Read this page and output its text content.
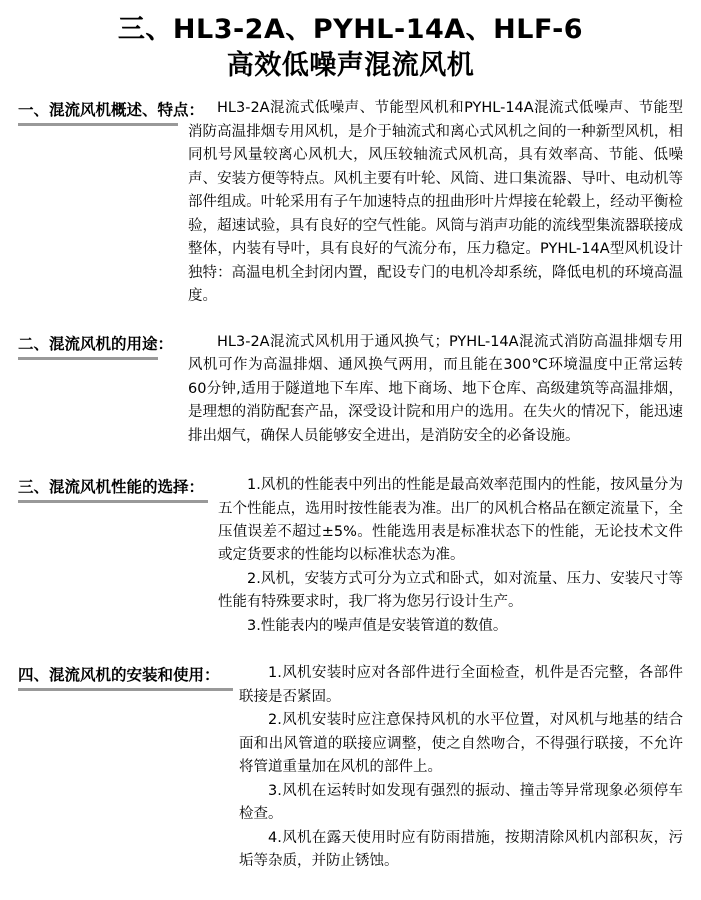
三、HL3-2A、PYHL-14A、HLF-6
高效低噪声混流风机
一、混流风机概述、特点： HL3-2A混流式低噪声、节能型风机和PYHL-14A混流式低噪声、节能型消防高温排烟专用风机，是介于轴流式和离心式风机之间的一种新型风机，相同机号风量较离心风机大，风压较轴流式风机高，具有效率高、节能、低噪声、安装方便等特点。风机主要有叶轮、风筒、进口集流器、导叶、电动机等部件组成。叶轮采用有子午加速特点的扭曲形叶片焊接在轮毂上，经动平衡检验，超速试验，具有良好的空气性能。风筒与消声功能的流线型集流器联接成整体，内装有导叶，具有良好的气流分布，压力稳定。PYHL-14A型风机设计独特：高温电机全封闭内置，配设专门的电机冷却系统，降低电机的环境高温度。

二、混流风机的用途：	HL3-2A混流式风机用于通风换气；PYHL-14A混流式消防高温排烟专用风机可作为高温排烟、通风换气两用，而且能在300℃环境温度中正常运转60分钟,适用于隧道地下车库、地下商场、地下仓库、高级建筑等高温排烟，是理想的消防配套产品，深受设计院和用户的选用。在失火的情况下，能迅速排出烟气，确保人员能够安全进出，是消防安全的必备设施。

三、混流风机性能的选择：	1.风机的性能表中列出的性能是最高效率范围内的性能，按风量分为五个性能点，选用时按性能表为准。出厂的风机合格品在额定流量下，全压值误差不超过±5%。性能选用表是标准状态下的性能，无论技术文件或定货要求的性能均以标准状态为准。

2.风机，安装方式可分为立式和卧式，如对流量、压力、安装尺寸等性能有特殊要求时，我厂将为您另行设计生产。

3.性能表内的噪声值是安装管道的数值。

四、混流风机的安装和使用：	1.风机安装时应对各部件进行全面检查，机件是否完整，各部件联接是否紧固。

2.风机安装时应注意保持风机的水平位置，对风机与地基的结合面和出风管道的联接应调整，使之自然吻合，不得强行联接，不允许将管道重量加在风机的部件上。

3.风机在运转时如发现有强烈的振动、撞击等异常现象必须停车检查。

4.风机在露天使用时应有防雨措施，按期清除风机内部积灰，污垢等杂质，并防止锈蚀。
